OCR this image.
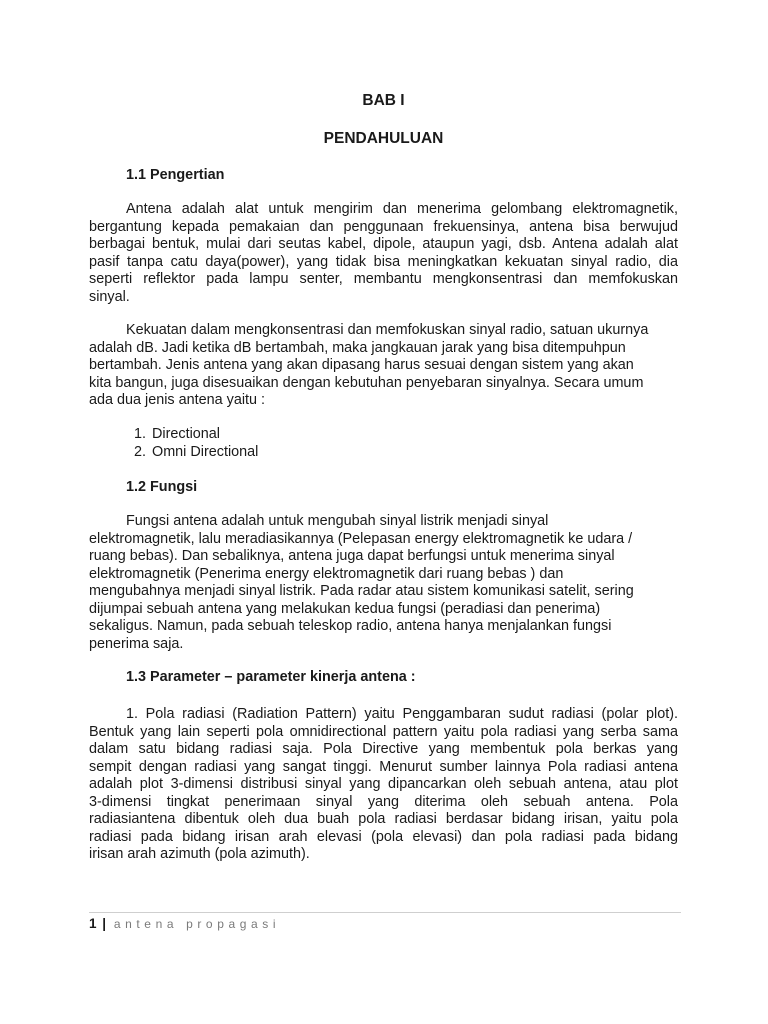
BAB I
PENDAHULUAN
1.1 Pengertian
Antena adalah alat untuk mengirim dan menerima gelombang elektromagnetik,
bergantung kepada pemakaian dan penggunaan frekuensinya, antena bisa berwujud
berbagai bentuk, mulai dari seutas kabel, dipole, ataupun yagi, dsb. Antena adalah alat
pasif tanpa catu daya(power), yang tidak bisa meningkatkan kekuatan sinyal radio, dia
seperti reflektor pada lampu senter, membantu mengkonsentrasi dan memfokuskan
sinyal.
Kekuatan dalam mengkonsentrasi dan memfokuskan sinyal radio, satuan ukurnya
adalah dB. Jadi ketika dB bertambah, maka jangkauan jarak yang bisa ditempuhpun
bertambah. Jenis antena yang akan dipasang harus sesuai dengan sistem yang akan
kita bangun, juga disesuaikan dengan kebutuhan penyebaran sinyalnya. Secara umum
ada dua jenis antena yaitu :
1. Directional
2. Omni Directional
1.2 Fungsi
Fungsi antena adalah untuk mengubah sinyal listrik menjadi sinyal
elektromagnetik, lalu meradiasikannya (Pelepasan energy elektromagnetik ke udara /
ruang bebas). Dan sebaliknya, antena juga dapat berfungsi untuk menerima sinyal
elektromagnetik (Penerima energy elektromagnetik dari ruang bebas ) dan
mengubahnya menjadi sinyal listrik. Pada radar atau sistem komunikasi satelit, sering
dijumpai sebuah antena yang melakukan kedua fungsi (peradiasi dan penerima)
sekaligus. Namun, pada sebuah teleskop radio, antena hanya menjalankan fungsi
penerima saja.
1.3 Parameter – parameter kinerja antena :
1. Pola radiasi (Radiation Pattern) yaitu Penggambaran sudut radiasi (polar plot).
Bentuk yang lain seperti pola omnidirectional pattern yaitu pola radiasi yang serba sama
dalam satu bidang radiasi saja. Pola Directive yang membentuk pola berkas yang
sempit dengan radiasi yang sangat tinggi. Menurut sumber lainnya Pola radiasi antena
adalah plot 3-dimensi distribusi sinyal yang dipancarkan oleh sebuah antena, atau plot
3-dimensi tingkat penerimaan sinyal yang diterima oleh sebuah antena. Pola
radiasiantena dibentuk oleh dua buah pola radiasi berdasar bidang irisan, yaitu pola
radiasi pada bidang irisan arah elevasi (pola elevasi) dan pola radiasi pada bidang
irisan arah azimuth (pola azimuth).
1 | antena propagasi
